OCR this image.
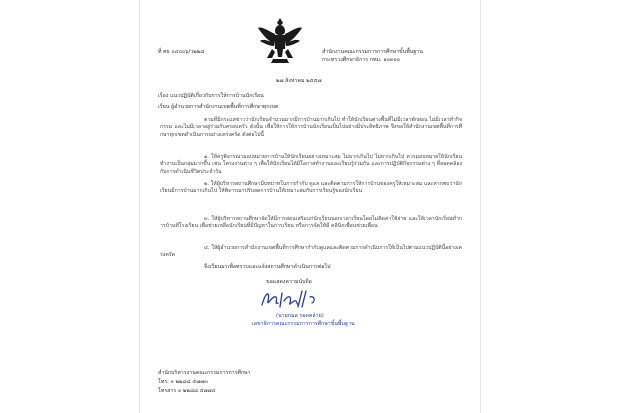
ที่ ศธ ๐๔๐๐๖/ว๒๒๘	สำนักงานคณะกรรมการการศึกษาขั้นพื้นฐาน
กระทรวงศึกษาธิการ กทม. ๑๐๓๐๐
๒๗ สิงหาคม ๒๕๕๗
เรื่อง แนวปฏิบัติเกี่ยวกับการให้การบ้านนักเรียน
เรียน ผู้อำนวยการสำนักงานเขตพื้นที่การศึกษาทุกเขต
ตามที่มีกระแสข่าวว่านักเรียนจำนวนมากมีการบ้านมากเกินไป ทำให้นักเรียนต่างพื้นที่ไม่มีเวลาพักผ่อน ไม่มีเวลาทำกิจกรรม และไม่มีเวลาอยู่ร่วมกับครอบครัว ดังนั้น เพื่อให้การให้การบ้านนักเรียนเป็นไปอย่างมีประสิทธิภาพ จึงขอให้สำนักงานเขตพื้นที่การศึกษาทุกเขตดำเนินการอย่างเคร่งครัด ดังต่อไปนี้
๑. ให้ครูพิจารณามอบหมายการบ้านให้นักเรียนอย่างเหมาะสม ไม่มากเกินไป ไม่ยากเกินไป ควรมอบหมายให้นักเรียนทำงานเป็นกลุ่มมากขึ้น เช่น โครงงานต่าง ๆ เพื่อให้นักเรียนได้มีโอกาสทำงานและเรียนรู้ร่วมกัน และการปฏิบัติกิจกรรมต่าง ๆ ที่สอดคล้องกับการดำเนินชีวิตประจำวัน
๒. ให้ผู้บริหารสถานศึกษามีบทบาทในการกำกับ ดูแล และติดตามการให้การบ้านของครูให้เหมาะสม และหากพบว่านักเรียนมีการบ้านมากเกินไป ให้พิจารณาปรับลดการบ้านให้เหมาะสมกับการเรียนรู้ของนักเรียน
๓. ให้ผู้บริหารสถานศึกษาจัดให้มีการสอนเสริมแก่นักเรียนนอกเวลาเรียนโดยไม่คิดค่าใช้จ่าย และให้เวลานักเรียนทำการบ้านที่โรงเรียน เพื่อช่วยเหลือนักเรียนที่มีปัญหาในการเรียน หรือการจัดให้มี คลินิกเพื่อนช่วยเพื่อน
๔. ให้ผู้อำนวยการสำนักงานเขตพื้นที่การศึกษากำกับดูแลและติดตามการดำเนินการให้เป็นไปตามแนวปฏิบัตินี้อย่างเคร่งครัด
จึงเรียนมาเพื่อทราบและแจ้งสถานศึกษาดำเนินการต่อไป
ขอแสดงความนับถือ
(นายกมล รอดคล้าย)
เลขาธิการคณะกรรมการการศึกษาขั้นพื้นฐาน
สำนักบริหารงานคณะกรรมการการศึกษา
โทร. ๐ ๒๒๘๘ ๕๗๗๓
โทรสาร ๐ ๒๒๘๘ ๕๗๗๔
